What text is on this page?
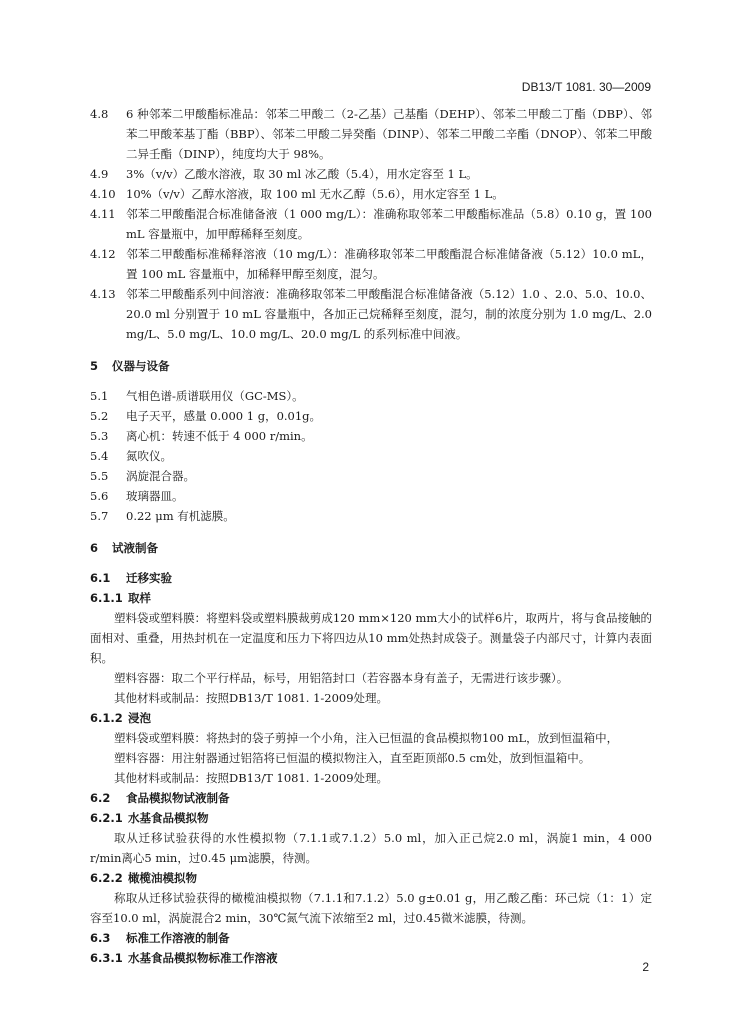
DB13/T 1081. 30—2009

4.8 6 种邻苯二甲酸酯标准品：邻苯二甲酸二（2-乙基）己基酯（DEHP）、邻苯二甲酸二丁酯（DBP）、邻苯二甲酸苯基丁酯（BBP）、邻苯二甲酸二异癸酯（DINP）、邻苯二甲酸二辛酯（DNOP）、邻苯二甲酸二异壬酯（DINP），纯度均大于 98%。

4.9 3%（v/v）乙酸水溶液，取 30 ml 冰乙酸（5.4），用水定容至 1 L。

4.10 10%（v/v）乙醇水溶液，取 100 ml 无水乙醇（5.6），用水定容至 1 L。

4.11 邻苯二甲酸酯混合标准储备液（1 000 mg/L）：准确称取邻苯二甲酸酯标准品（5.8）0.10 g，置 100 mL 容量瓶中，加甲醇稀释至刻度。

4.12 邻苯二甲酸酯标准稀释溶液（10 mg/L）：准确移取邻苯二甲酸酯混合标准储备液（5.12）10.0 mL，置 100 mL 容量瓶中，加稀释甲醇至刻度，混匀。

4.13 邻苯二甲酸酯系列中间溶液：准确移取邻苯二甲酸酯混合标准储备液（5.12）1.0 、2.0、5.0、10.0、20.0 ml 分别置于 10 mL 容量瓶中，各加正己烷稀释至刻度，混匀，制的浓度分别为 1.0 mg/L、2.0 mg/L、5.0 mg/L、10.0 mg/L、20.0 mg/L 的系列标准中间液。

5 仪器与设备

5.1 气相色谱-质谱联用仪（GC-MS）。

5.2 电子天平，感量 0.000 1 g，0.01g。

5.3 离心机：转速不低于 4 000 r/min。

5.4 氮吹仪。

5.5 涡旋混合器。

5.6 玻璃器皿。

5.7 0.22 μm 有机滤膜。

6 试液制备
6.1 迁移实验
6.1.1 取样

塑料袋或塑料膜：将塑料袋或塑料膜裁剪成120 mm×120 mm大小的试样6片，取两片，将与食品接触的面相对、重叠，用热封机在一定温度和压力下将四边从10 mm处热封成袋子。测量袋子内部尺寸，计算内表面积。

塑料容器：取二个平行样品，标号，用铝箔封口（若容器本身有盖子，无需进行该步骤）。

其他材料或制品：按照DB13/T 1081. 1-2009处理。

6.1.2 浸泡

塑料袋或塑料膜：将热封的袋子剪掉一个小角，注入已恒温的食品模拟物100 mL，放到恒温箱中，

塑料容器：用注射器通过铝箔将已恒温的模拟物注入，直至距顶部0.5 cm处，放到恒温箱中。

其他材料或制品：按照DB13/T 1081. 1-2009处理。

6.2 食品模拟物试液制备
6.2.1 水基食品模拟物

取从迁移试验获得的水性模拟物（7.1.1或7.1.2）5.0 ml，加入正己烷2.0 ml，涡旋1 min，4 000 r/min离心5 min，过0.45 μm滤膜，待测。

6.2.2 橄榄油模拟物

称取从迁移试验获得的橄榄油模拟物（7.1.1和7.1.2）5.0 g±0.01 g，用乙酸乙酯：环己烷（1：1）定容至10.0 ml，涡旋混合2 min，30℃氮气流下浓缩至2 ml，过0.45微米滤膜，待测。

6.3 标准工作溶液的制备
6.3.1 水基食品模拟物标准工作溶液
2
